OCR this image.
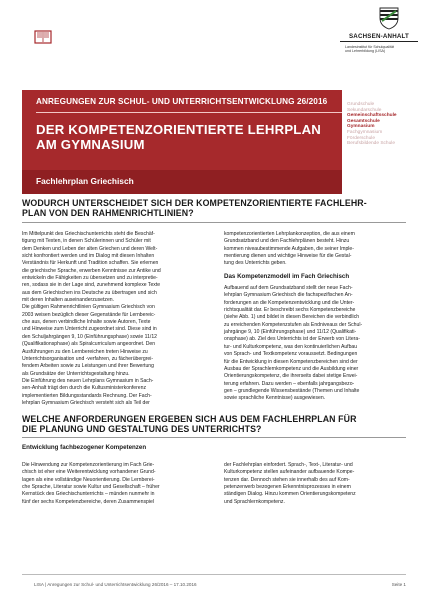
SACHSEN-ANHALT
Landesinstitut für Schulqualität
und Lehrerbildung (LISA)
ANREGUNGEN ZUR SCHUL- UND UNTERRICHTSENTWICKLUNG 26/2016
DER KOMPETENZORIENTIERTE LEHRPLAN
AM GYMNASIUM
Fachlehrplan Griechisch
Grundschule
Sekundarschule
Gemeinschaftsschule
Gesamtschule
Gymnasium
Fachgymnasium
Förderschule
Berufsbildende Schule
WODURCH UNTERSCHEIDET SICH DER KOMPETENZORIENTIERTE FACHLEHR-
PLAN VON DEN RAHMENRICHTLINIEN?
Im Mittelpunkt des Griechischunterrichts steht die Beschäf-
tigung mit Texten, in denen Schülerinnen und Schüler mit
dem Denken und Leben der alten Griechen und deren Welt-
sicht konfrontiert werden und im Dialog mit diesen Inhalten
Verständnis für Herkunft und Tradition schaffen. Sie erlernen
die griechische Sprache, erwerben Kenntnisse zur Antike und
entwickeln die Fähigkeiten zu übersetzen und zu interpretie-
ren, sodass sie in der Lage sind, zunehmend komplexe Texte
aus dem Griechischen ins Deutsche zu übertragen und sich
mit deren Inhalten auseinanderzusetzen.
Die gültigen Rahmenrichtlinien Gymnasium Griechisch von
2003 weisen bezüglich dieser Gegenstände für Lernbereic-
che aus, denen verbindliche Inhalte sowie Autoren, Texte
und Hinweise zum Unterricht zugeordnet sind. Diese sind in
den Schuljahrgängen 9, 10 (Einführungsphase) sowie 11/12
(Qualifikationsphase) als Spiralcurriculum angeordnet. Den
Ausführungen zu den Lernbereichen treten Hinweise zu
Unterrichtsorganisation und -verfahren, zu fächerübergrei-
fendem Arbeiten sowie zu Leistungen und ihrer Bewertung
als Grundsätze der Unterrichtsgestaltung hinzu.
Die Einführung des neuen Lehrplans Gymnasium in Sach-
sen-Anhalt trägt den durch die Kultusministerkonferenz
implementierten Bildungsstandards Rechnung. Der Fach-
lehrplan Gymnasium Griechisch versteht sich als Teil der
kompetenzorientierten Lehrplankonzeption, die aus einem
Grundsatzband und den Fachlehrplänen besteht. Hinzu
kommen niveaubestimmende Aufgaben, die seiner Imple-
mentierung dienen und wichtige Hinweise für die Gestal-
tung des Unterrichts geben.
Das Kompetenzmodell im Fach Griechisch
Aufbauend auf dem Grundsatzband stellt der neue Fach-
lehrplan Gymnasium Griechisch die fachspezifischen An-
forderungen an die Kompetenzentwicklung und die Unter-
richtsqualität dar. Er beschreibt sechs Kompetenzbereiche
(siehe Abb. 1) und bildet in diesen Bereichen die verbindlich
zu erreichenden Kompetenzstufen als Endniveaus der Schul-
jahrgänge 9, 10 (Einführungsphase) und 11/12 (Qualifikati-
onsphase) ab. Ziel des Unterrichts ist der Erwerb von Litera-
tur- und Kulturkompetenz, was den kontinuierlichen Aufbau
von Sprach- und Textkompetenz voraussetzt. Bedingungen
für die Entwicklung in diesen Kompetenzbereichen sind der
Ausbau der Sprachlernkompetenz und die Ausbildung einer
Orientierungskompetenz, die ihrerseits dabei stetige Erwei-
terung erfahren. Dazu werden – ebenfalls jahrgangsbezo-
gen – grundlegende Wissensbestände (Themen und Inhalte
sowie sprachliche Kenntnisse) ausgewiesen.
WELCHE ANFORDERUNGEN ERGEBEN SICH AUS DEM FACHLEHRPLAN FÜR
DIE PLANUNG UND GESTALTUNG DES UNTERRICHTS?
Entwicklung fachbezogener Kompetenzen
Die Hinwendung zur Kompetenzorientierung im Fach Grie-
chisch ist eher eine Weiterentwicklung vorhandener Grund-
lagen als eine vollständige Neuorientierung. Die Lernberei-
che Sprache, Literatur sowie Kultur und Gesellschaft – früher
Kernstück des Griechischunterrichts – münden nunmehr in
fünf der sechs Kompetenzbereiche, deren Zusammenspiel
der Fachlehrplan einfordert. Sprach-, Text-, Literatur- und
Kulturkompetenz stellen aufeinander aufbauende Kompe-
tenzen dar. Dennoch stehen sie innerhalb des auf Kom-
petenzerwerb bezogenen Erkenntnisprozesses in einem
ständigen Dialog. Hinzu kommen Orientierungskompetenz
und Sprachlernkompetenz.
LISA | Anregungen zur Schul- und Unterrichtsentwicklung 26/2016 – 17.10.2016	Seite 1
